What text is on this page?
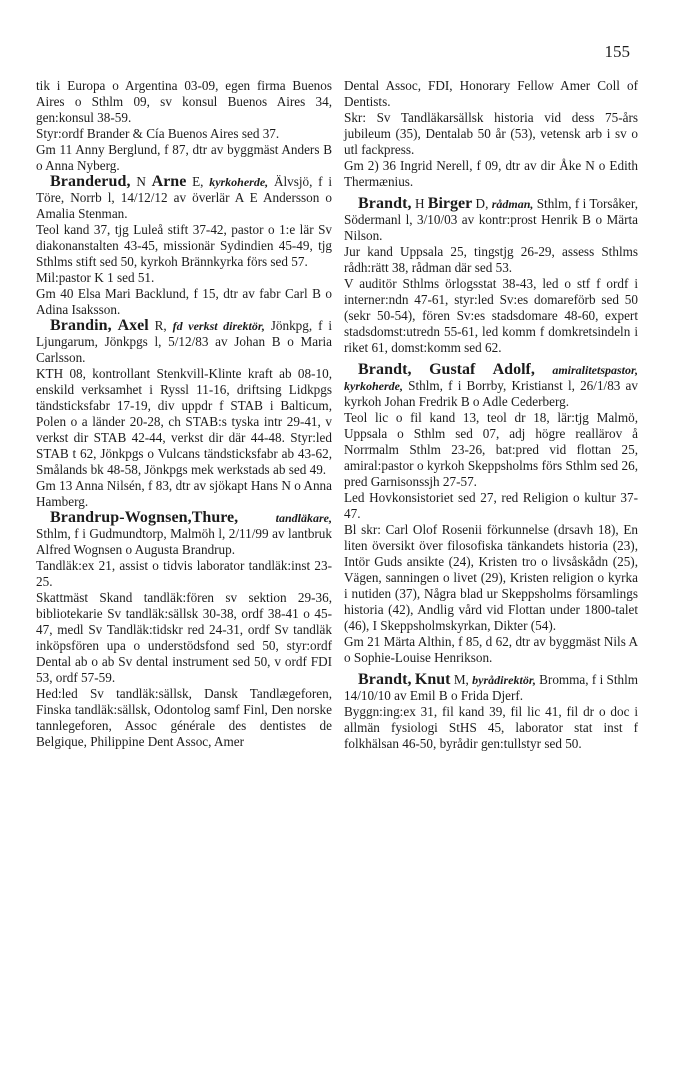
155

tik i Europa o Argentina 03-09, egen firma Buenos Aires o Sthlm 09, sv konsul Buenos Aires 34, gen:konsul 38-59.

Styr:ordf Brander & Cía Buenos Aires sed 37.

Gm 11 Anny Berglund, f 87, dtr av byggmäst Anders B o Anna Nyberg.

Branderud, N Arne E, kyrkoherde, Älvsjö, f i Töre, Norrb l, 14/12/12 av överlär A E Andersson o Amalia Stenman.

Teol kand 37, tjg Luleå stift 37-42, pastor o 1:e lär Sv diakonanstalten 43-45, missionär Sydindien 45-49, tjg Sthlms stift sed 50, kyrkoh Brännkyrka förs sed 57.

Mil:pastor K 1 sed 51.

Gm 40 Elsa Mari Backlund, f 15, dtr av fabr Carl B o Adina Isaksson.

Brandin, Axel R, fd verkst direktör, Jönkpg, f i Ljungarum, Jönkpgs l, 5/12/83 av Johan B o Maria Carlsson.

KTH 08, kontrollant Stenkvill-Klinte kraft ab 08-10, enskild verksamhet i Ryssl 11-16, driftsing Lidkpgs tändsticksfabr 17-19, div uppdr f STAB i Balticum, Polen o a länder 20-28, ch STAB:s tyska intr 29-41, v verkst dir STAB 42-44, verkst dir där 44-48. Styr:led STAB t 62, Jönkpgs o Vulcans tändsticksfabr ab 43-62, Smålands bk 48-58, Jönkpgs mek werkstads ab sed 49.

Gm 13 Anna Nilsén, f 83, dtr av sjökapt Hans N o Anna Hamberg.

Brandrup-Wognsen,Thure,	tandläkare, Sthlm, f i Gudmundtorp, Malmöh l, 2/11/99 av lantbruk Alfred Wognsen o Augusta Brandrup.

Tandläk:ex 21, assist o tidvis laborator tandläk:inst 23-25.

Skattmäst Skand tandläk:fören sv sektion 29-36, bibliotekarie Sv tandläk:sällsk 30-38, ordf 38-41 o 45-47, medl Sv Tandläk:tidskr red 24-31, ordf Sv tandläk inköpsfören upa o understödsfond sed 50, styr:ordf Dental ab o ab Sv dental instrument sed 50, v ordf FDI 53, ordf 57-59.

Hed:led Sv tandläk:sällsk, Dansk Tandlægeforen, Finska tandläk:sällsk, Odontolog samf Finl, Den norske tannlegeforen, Assoc générale des dentistes de Belgique, Philippine Dent Assoc, Amer

Dental Assoc, FDI, Honorary Fellow Amer Coll of Dentists.

Skr: Sv Tandläkarsällsk historia vid dess 75-års jubileum (35), Dentalab 50 år (53), vetensk arb i sv o utl fackpress.

Gm 2) 36 Ingrid Nerell, f 09, dtr av dir Åke N o Edith Thermænius.

Brandt, H Birger D, rådman, Sthlm, f i Torsåker, Södermanl l, 3/10/03 av kontr:prost Henrik B o Märta Nilson.

Jur kand Uppsala 25, tingstjg 26-29, assess Sthlms rådh:rätt 38, rådman där sed 53.

V auditör Sthlms örlogsstat 38-43, led o stf f ordf i interner:ndn 47-61, styr:led Sv:es domareförb sed 50 (sekr 50-54), fören Sv:es stadsdomare 48-60, expert stadsdomst:utredn 55-61, led komm f domkretsindeln i riket 61, domst:komm sed 62.

Brandt, Gustaf Adolf, amiralitetspastor, kyrkoherde, Sthlm, f i Borrby, Kristianst l, 26/1/83 av kyrkoh Johan Fredrik B o Adle Cederberg.

Teol lic o fil kand 13, teol dr 18, lär:tjg Malmö, Uppsala o Sthlm sed 07, adj högre reallärov å Norrmalm Sthlm 23-26, bat:pred vid flottan 25, amiral:pastor o kyrkoh Skeppsholms förs Sthlm sed 26, pred Garnisonssjh 27-57.

Led Hovkonsistoriet sed 27, red Religion o kultur 37-47.

Bl skr: Carl Olof Rosenii förkunnelse (drsavh 18), En liten översikt över filosofiska tänkandets historia (23), Intör Guds ansikte (24), Kristen tro o livsåskådn (25), Vägen, sanningen o livet (29), Kristen religion o kyrka i nutiden (37), Några blad ur Skeppsholms församlings historia (42), Andlig vård vid Flottan under 1800-talet (46), I Skeppsholmskyrkan, Dikter (54).

Gm 21 Märta Althin, f 85, d 62, dtr av byggmäst Nils A o Sophie-Louise Henrikson.

Brandt, Knut M, byrådirektör, Bromma, f i Sthlm 14/10/10 av Emil B o Frida Djerf.

Byggn:ing:ex 31, fil kand 39, fil lic 41, fil dr o doc i allmän fysiologi StHS 45, laborator stat inst f folkhälsan 46-50, byrådir gen:tullstyr sed 50.
